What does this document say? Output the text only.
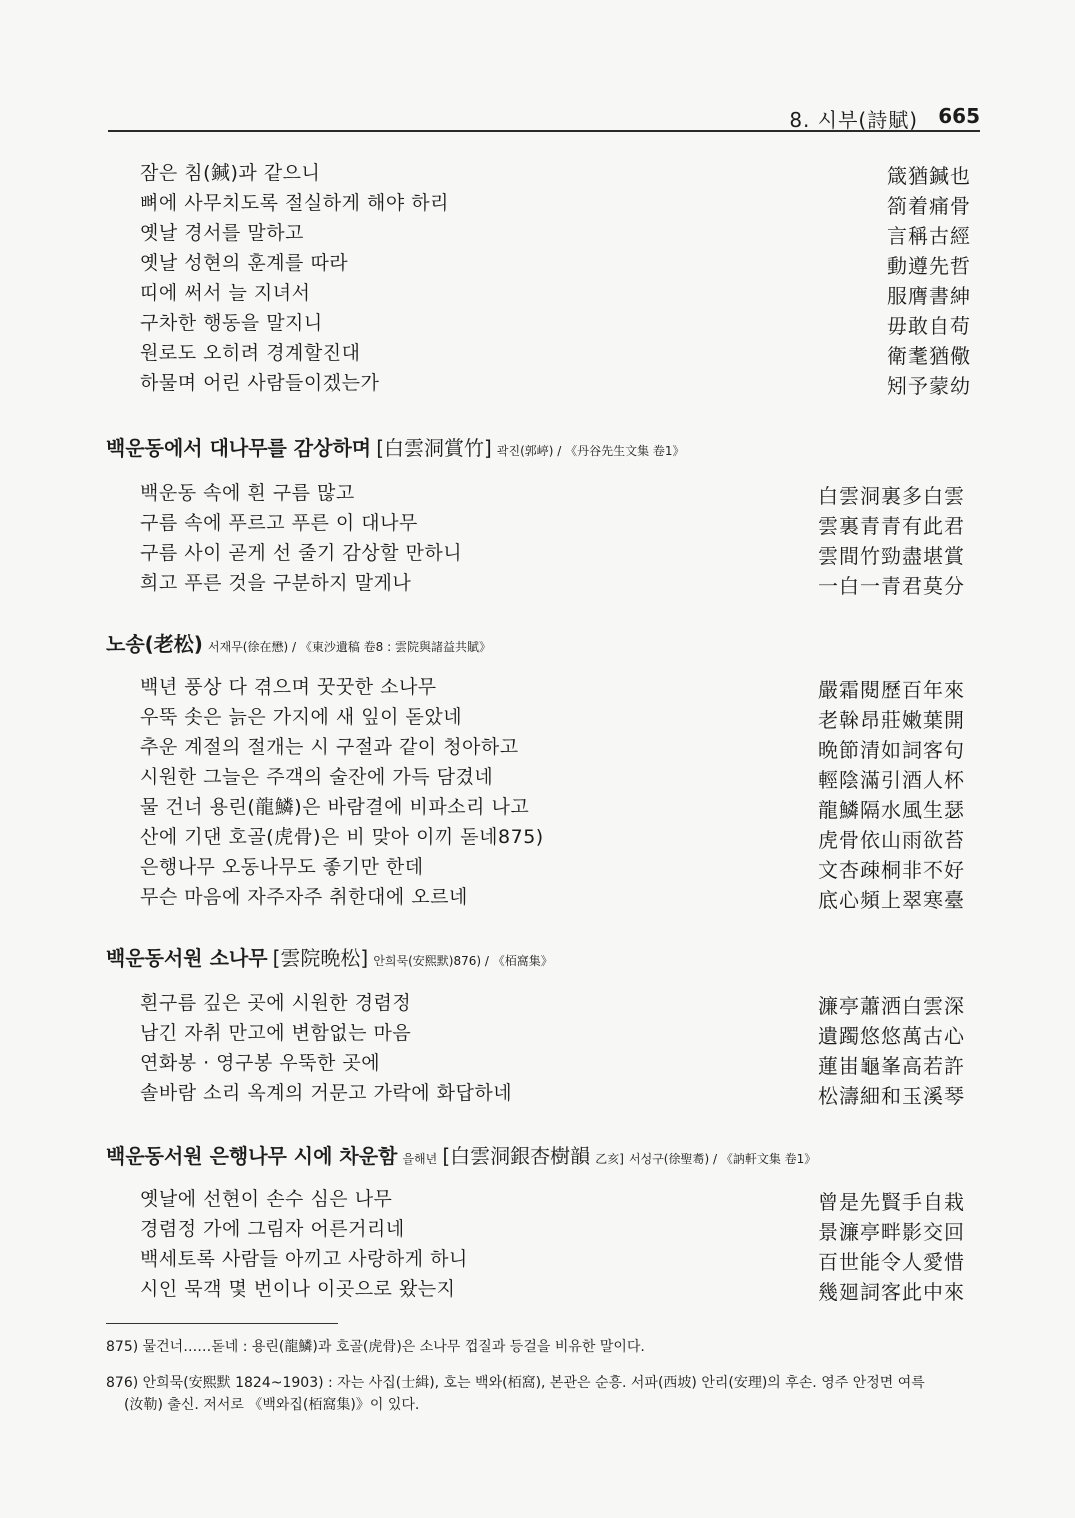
8. 시부(詩賦) 665
잠은 침(鍼)과 같으니	箴猶鍼也
뼈에 사무치도록 절실하게 해야 하리	箚着痛骨
옛날 경서를 말하고	言稱古經
옛날 성현의 훈계를 따라	動遵先哲
띠에 써서 늘 지녀서	服膺書紳
구차한 행동을 말지니	毋敢自苟
원로도 오히려 경계할진대	衛耄猶儆
하물며 어린 사람들이겠는가	矧予蒙幼
백운동에서 대나무를 감상하며 [白雲洞賞竹] 곽진(郭嵉) / 《丹谷先生文集 卷1》
백운동 속에 흰 구름 많고	白雲洞裏多白雲
구름 속에 푸르고 푸른 이 대나무	雲裏青青有此君
구름 사이 곧게 선 줄기 감상할 만하니	雲間竹勁盡堪賞
희고 푸른 것을 구분하지 말게나	一白一青君莫分
노송(老松) 서재무(徐在懋) / 《東沙遺稿 卷8 : 雲院與諸益共賦》
백년 풍상 다 겪으며 꿋꿋한 소나무	嚴霜閱歷百年來
우뚝 솟은 늙은 가지에 새 잎이 돋았네	老榦昂莊嫩葉開
추운 계절의 절개는 시 구절과 같이 청아하고	晩節清如詞客句
시원한 그늘은 주객의 술잔에 가득 담겼네	輕陰滿引酒人杯
물 건너 용린(龍鱗)은 바람결에 비파소리 나고	龍鱗隔水風生瑟
산에 기댄 호골(虎骨)은 비 맞아 이끼 돋네875)	虎骨依山雨欲苔
은행나무 오동나무도 좋기만 한데	文杏疎桐非不好
무슨 마음에 자주자주 취한대에 오르네	底心頻上翠寒臺
백운동서원 소나무 [雲院晩松] 안희묵(安熙默)876) / 《栢窩集》
흰구름 깊은 곳에 시원한 경렴정	濂亭蕭洒白雲深
남긴 자취 만고에 변함없는 마음	遺躅悠悠萬古心
연화봉 · 영구봉 우뚝한 곳에	蓮峀龜峯高若許
솔바람 소리 옥계의 거문고 가락에 화답하네	松濤細和玉溪琴
백운동서원 은행나무 시에 차운함 을해년 [白雲洞銀杏樹韻 乙亥] 서성구(徐聖耈) / 《訥軒文集 卷1》
옛날에 선현이 손수 심은 나무	曾是先賢手自栽
경렴정 가에 그림자 어른거리네	景濂亭畔影交回
백세토록 사람들 아끼고 사랑하게 하니	百世能令人愛惜
시인 묵객 몇 번이나 이곳으로 왔는지	幾廻詞客此中來
875) 물건너……돋네 : 용린(龍鱗)과 호골(虎骨)은 소나무 껍질과 등걸을 비유한 말이다.
876) 안희묵(安熙默 1824~1903) : 자는 사집(士緝), 호는 백와(栢窩), 본관은 순흥. 서파(西坡) 안리(安理)의 후손. 영주 안정면 여륵
(汝勒) 출신. 저서로 《백와집(栢窩集)》이 있다.
